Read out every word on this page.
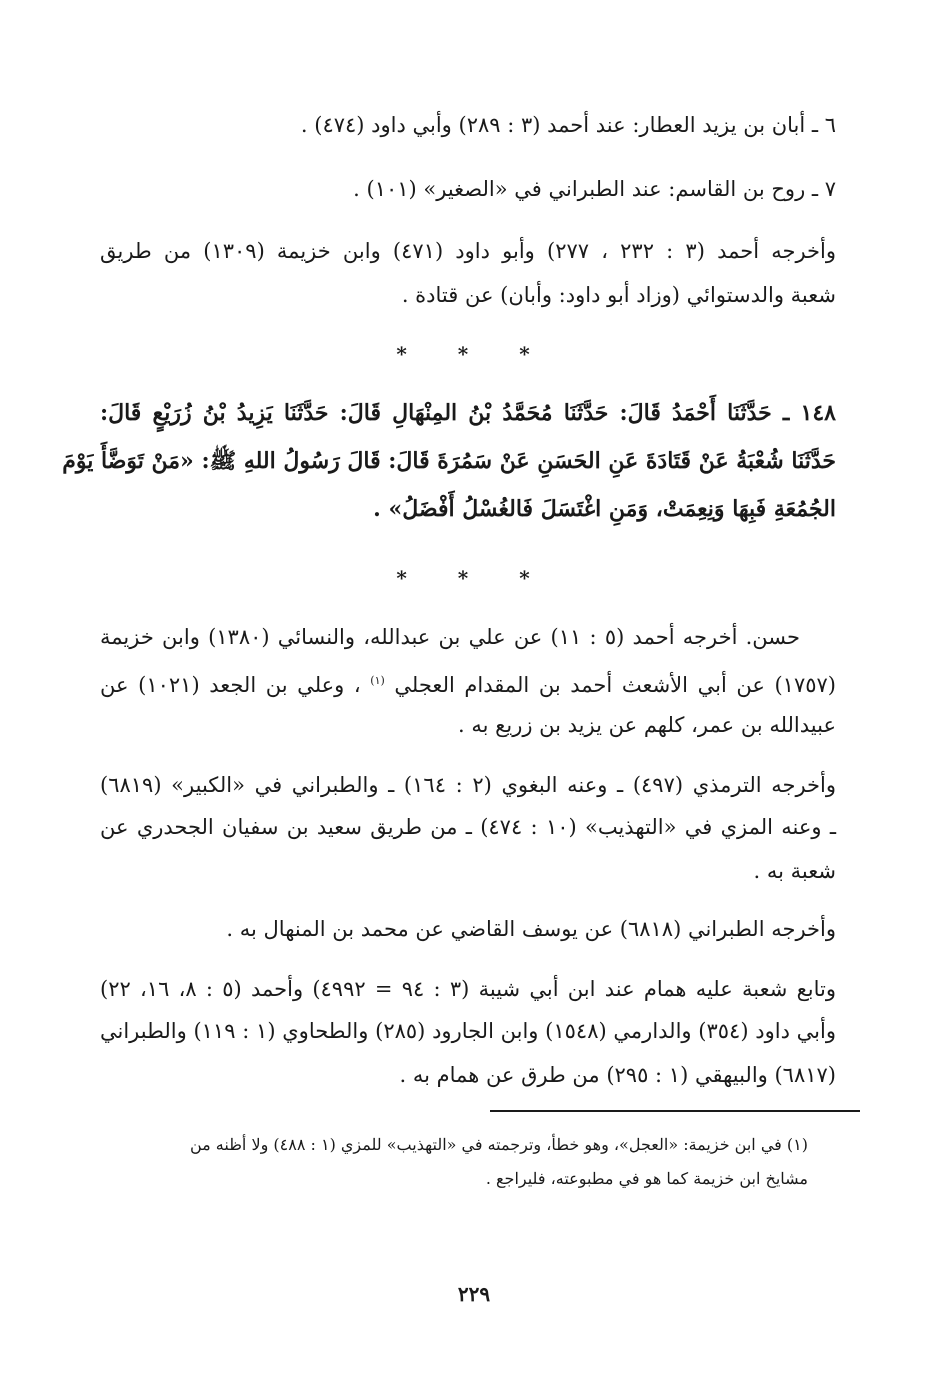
٦ ـ أبان بن يزيد العطار: عند أحمد (٣ : ٢٨٩) وأبي داود (٤٧٤) .
٧ ـ روح بن القاسم: عند الطبراني في «الصغير» (١٠١) .
وأخرجه أحمد (٣ : ٢٣٢ ، ٢٧٧) وأبو داود (٤٧١) وابن خزيمة (١٣٠٩) من طريق
شعبة والدستوائي (وزاد أبو داود: وأبان) عن قتادة .
* * *
١٤٨ ـ حَدَّثَنَا أَحْمَدُ قَالَ: حَدَّثَنَا مُحَمَّدُ بْنُ المِنْهَالِ قَالَ: حَدَّثَنَا يَزِيدُ بْنُ زُرَيْعٍ قَالَ:
حَدَّثَنَا شُعْبَةُ عَنْ قَتَادَةَ عَنِ الحَسَنِ عَنْ سَمُرَةَ قَالَ: قَالَ رَسُولُ اللهِ ﷺ: «مَنْ تَوَضَّأَ يَوْمَ
الجُمُعَةِ فَبِهَا وَنِعِمَتْ، وَمَنِ اغْتَسَلَ فَالغُسْلُ أَفْضَلُ» .
* * *
حسن. أخرجه أحمد (٥ : ١١) عن علي بن عبدالله، والنسائي (١٣٨٠) وابن خزيمة
(١٧٥٧) عن أبي الأشعث أحمد بن المقدام العجلي $^{(١)}$ ، وعلي بن الجعد (١٠٢١) عن
عبيدالله بن عمر، كلهم عن يزيد بن زريع به .
وأخرجه الترمذي (٤٩٧) ـ وعنه البغوي (٢ : ١٦٤) ـ والطبراني في «الكبير» (٦٨١٩)
ـ وعنه المزي في «التهذيب» (١٠ : ٤٧٤) ـ من طريق سعيد بن سفيان الجحدري عن
شعبة به .
وأخرجه الطبراني (٦٨١٨) عن يوسف القاضي عن محمد بن المنهال به .
وتابع شعبة عليه همام عند ابن أبي شيبة (٣ : ٩٤ = ٤٩٩٢) وأحمد (٥ : ٨، ١٦، ٢٢)
وأبي داود (٣٥٤) والدارمي (١٥٤٨) وابن الجارود (٢٨٥) والطحاوي (١ : ١١٩) والطبراني
(٦٨١٧) والبيهقي (١ : ٢٩٥) من طرق عن همام به .
(١) في ابن خزيمة: «العجل»، وهو خطأ، وترجمته في «التهذيب» للمزي (١ : ٤٨٨) ولا أظنه من
مشايخ ابن خزيمة كما هو في مطبوعته، فليراجع .
٢٢٩
